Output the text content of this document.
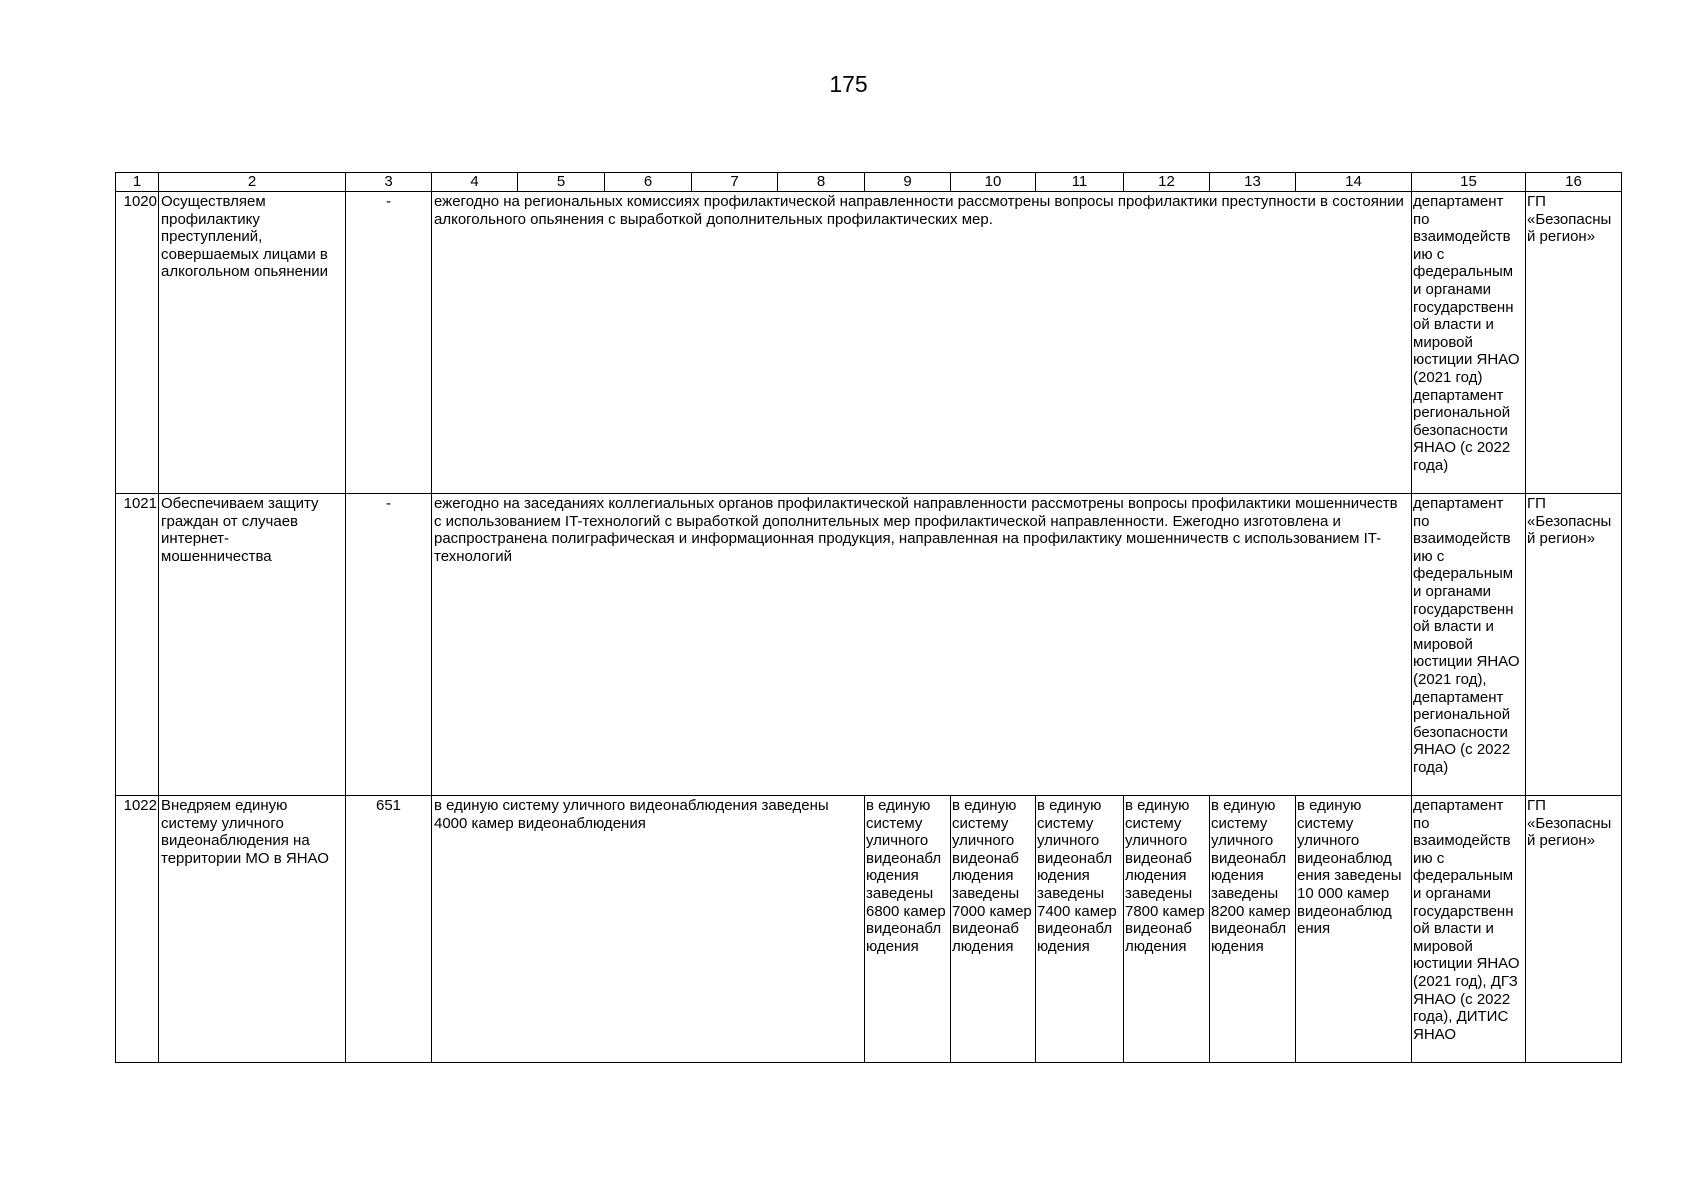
175
1	2	3	4	5	6	7	8	9	10	11	12	13	14	15	16
1020	Осуществляем профилактику преступлений, совершаемых лицами в алкогольном опьянении	-	ежегодно на региональных комиссиях профилактической направленности рассмотрены вопросы профилактики преступности в состоянии алкогольного опьянения с выработкой дополнительных профилактических мер.											департамент по взаимодейств ию с федеральным и органами государственн ой власти и мировой юстиции ЯНАО (2021 год) департамент региональной безопасности ЯНАО (с 2022 года)	ГП «Безопасны й регион»
1021	Обеспечиваем защиту граждан от случаев интернет- мошенничества	-	ежегодно на заседаниях коллегиальных органов профилактической направленности рассмотрены вопросы профилактики мошенничеств с использованием IT-технологий с выработкой дополнительных мер профилактической направленности. Ежегодно изготовлена и распространена полиграфическая и информационная продукция, направленная на профилактику мошенничеств с использованием IT-технологий											департамент по взаимодейств ию с федеральным и органами государственн ой власти и мировой юстиции ЯНАО (2021 год), департамент региональной безопасности ЯНАО (с 2022 года)	ГП «Безопасны й регион»
1022	Внедряем единую систему уличного видеонаблюдения на территории МО в ЯНАО	651	в единую систему уличного видеонаблюдения заведены 4000 камер видеонаблюдения					в единую систему уличного видеонабл юдения заведены 6800 камер видеонабл юдения	в единую систему уличного видеонаб людения заведены 7000 камер видеонаб людения	в единую систему уличного видеонабл юдения заведены 7400 камер видеонабл юдения	в единую систему уличного видеонаб людения заведены 7800 камер видеонаб людения	в единую систему уличного видеонабл юдения заведены 8200 камер видеонабл юдения	в единую систему уличного видеонаблюд ения заведены 10 000 камер видеонаблюд ения	департамент по взаимодейств ию с федеральным и органами государственн ой власти и мировой юстиции ЯНАО (2021 год), ДГЗ ЯНАО (с 2022 года), ДИТИС ЯНАО	ГП «Безопасны й регион»
